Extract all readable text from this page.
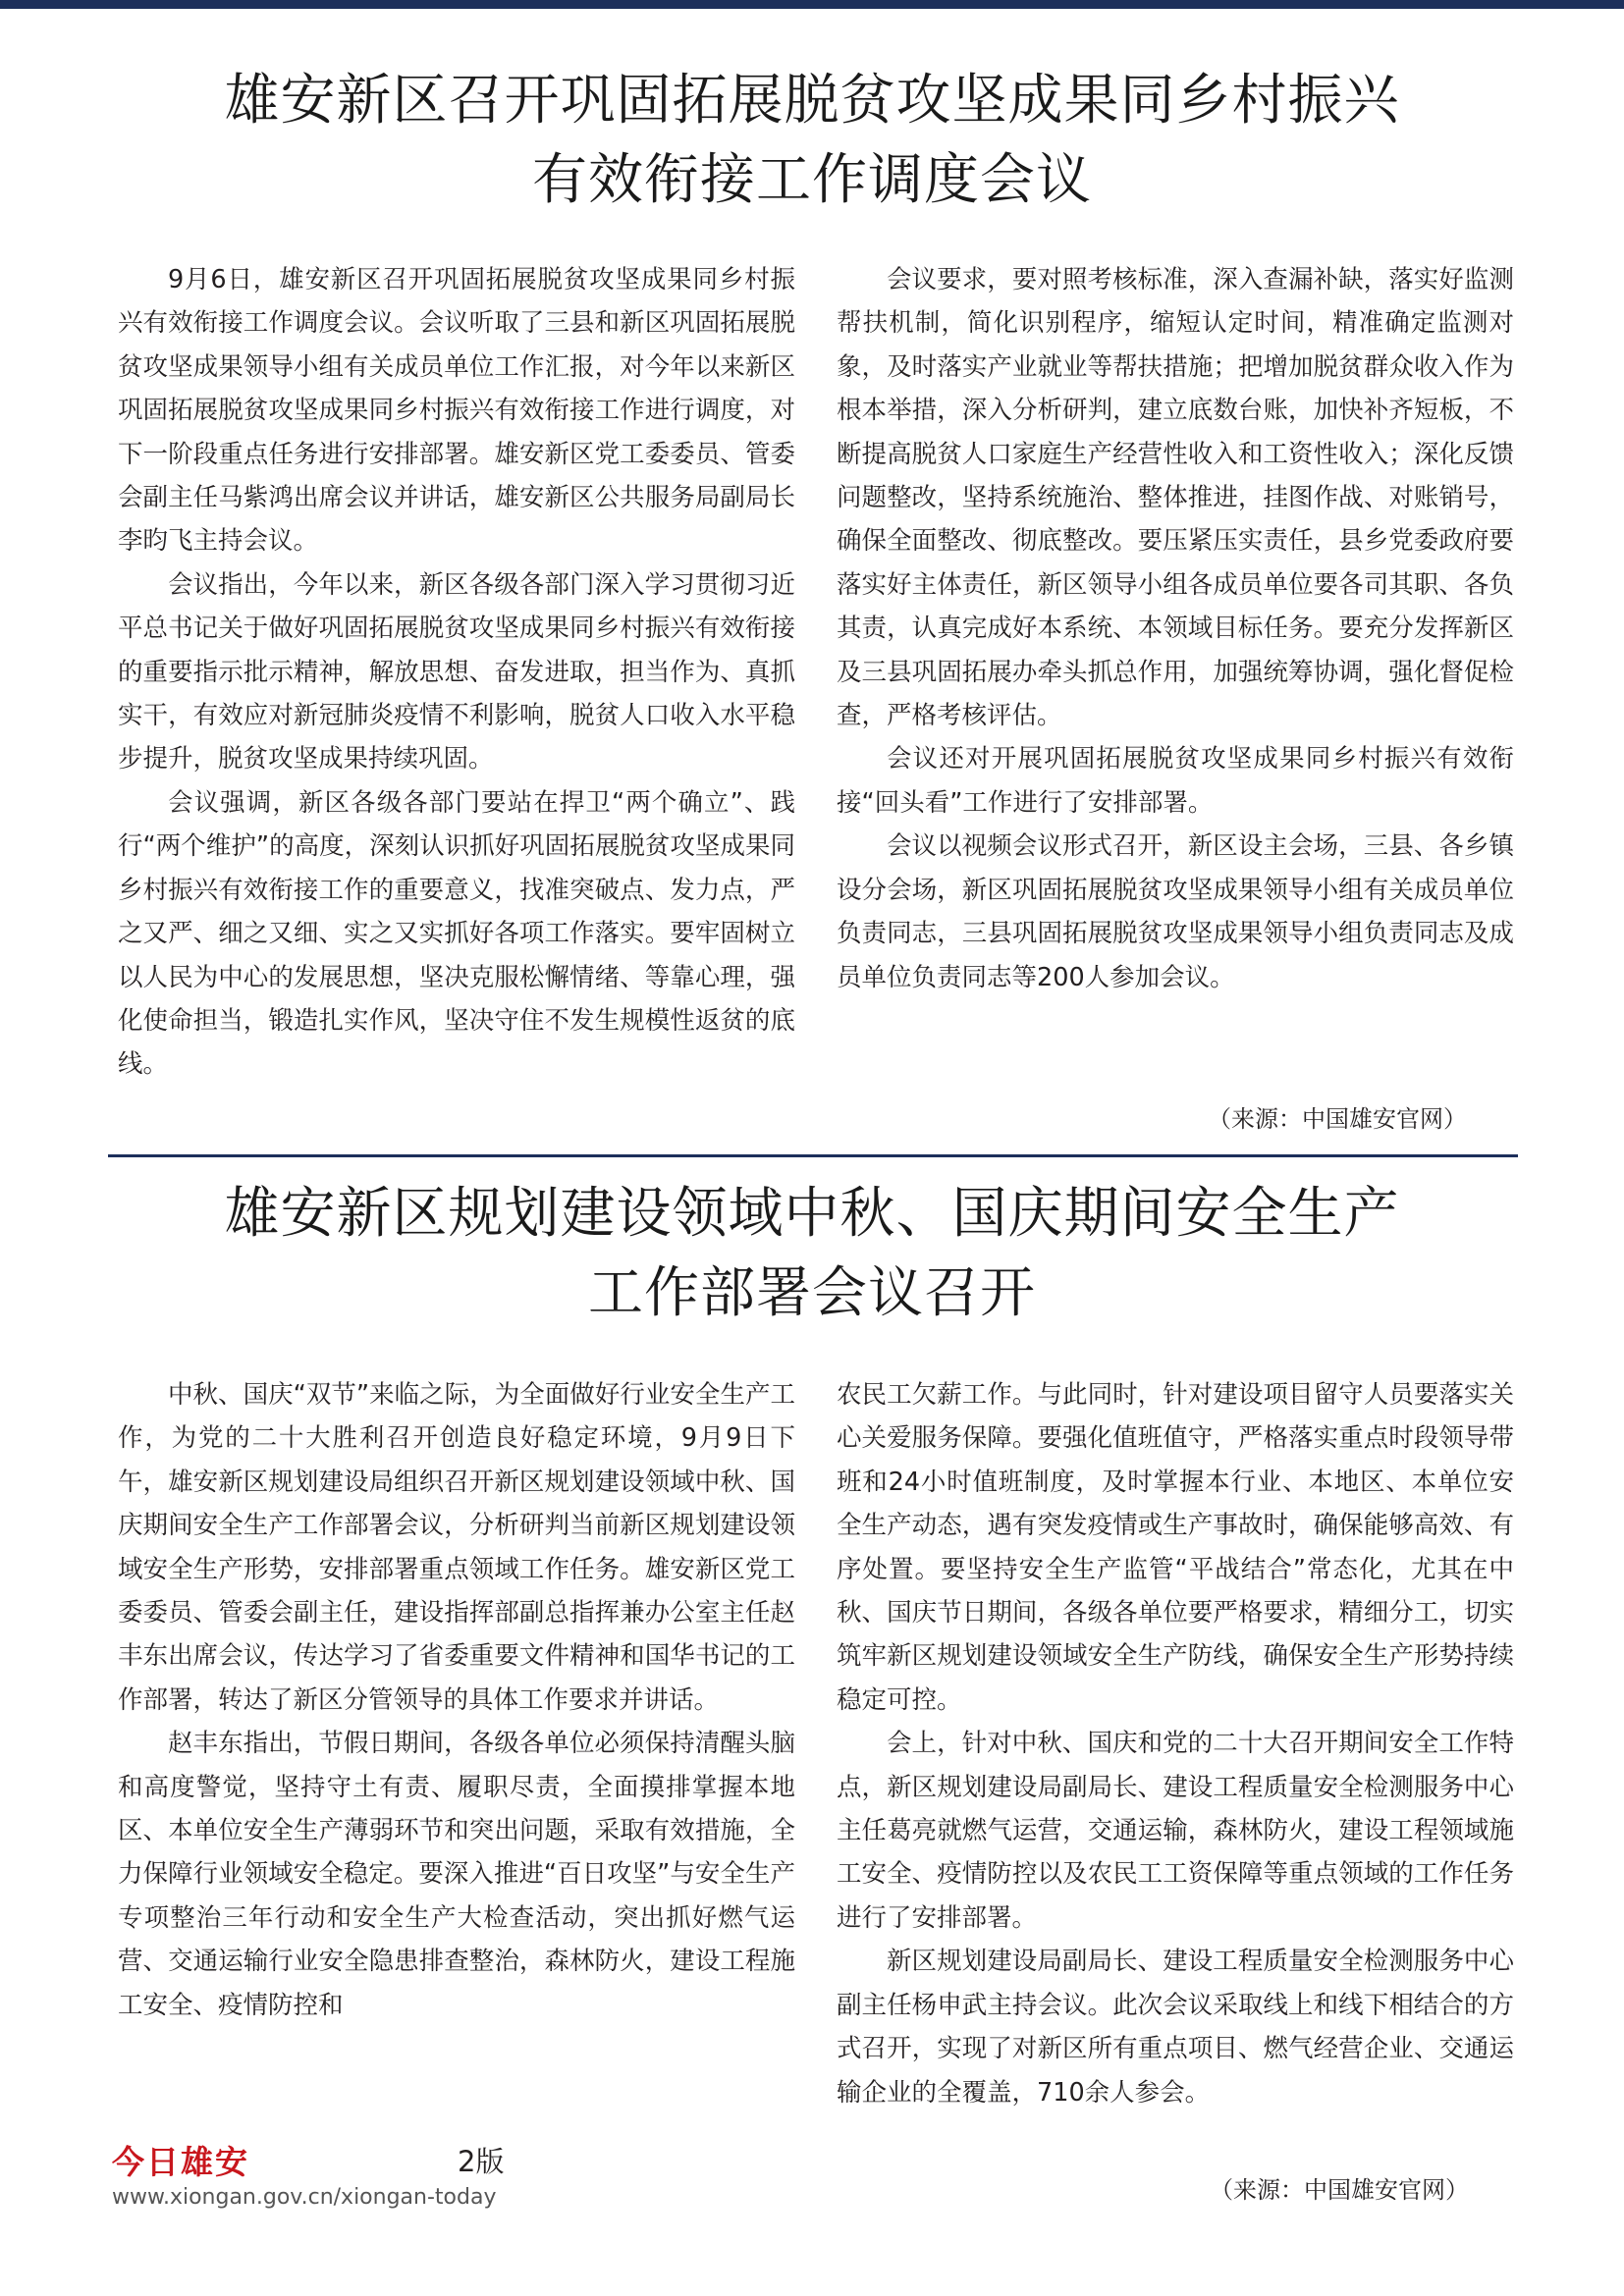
雄安新区召开巩固拓展脱贫攻坚成果同乡村振兴
有效衔接工作调度会议

9月6日，雄安新区召开巩固拓展脱贫攻坚成果同乡村振兴有效衔接工作调度会议。会议听取了三县和新区巩固拓展脱贫攻坚成果领导小组有关成员单位工作汇报，对今年以来新区巩固拓展脱贫攻坚成果同乡村振兴有效衔接工作进行调度，对下一阶段重点任务进行安排部署。雄安新区党工委委员、管委会副主任马紫鸿出席会议并讲话，雄安新区公共服务局副局长李昀飞主持会议。

会议指出，今年以来，新区各级各部门深入学习贯彻习近平总书记关于做好巩固拓展脱贫攻坚成果同乡村振兴有效衔接的重要指示批示精神，解放思想、奋发进取，担当作为、真抓实干，有效应对新冠肺炎疫情不利影响，脱贫人口收入水平稳步提升，脱贫攻坚成果持续巩固。

会议强调，新区各级各部门要站在捍卫“两个确立”、践行“两个维护”的高度，深刻认识抓好巩固拓展脱贫攻坚成果同乡村振兴有效衔接工作的重要意义，找准突破点、发力点，严之又严、细之又细、实之又实抓好各项工作落实。要牢固树立以人民为中心的发展思想，坚决克服松懈情绪、等靠心理，强化使命担当，锻造扎实作风，坚决守住不发生规模性返贫的底线。

会议要求，要对照考核标准，深入查漏补缺，落实好监测帮扶机制，简化识别程序，缩短认定时间，精准确定监测对象，及时落实产业就业等帮扶措施；把增加脱贫群众收入作为根本举措，深入分析研判，建立底数台账，加快补齐短板，不断提高脱贫人口家庭生产经营性收入和工资性收入；深化反馈问题整改，坚持系统施治、整体推进，挂图作战、对账销号，确保全面整改、彻底整改。要压紧压实责任，县乡党委政府要落实好主体责任，新区领导小组各成员单位要各司其职、各负其责，认真完成好本系统、本领域目标任务。要充分发挥新区及三县巩固拓展办牵头抓总作用，加强统筹协调，强化督促检查，严格考核评估。

会议还对开展巩固拓展脱贫攻坚成果同乡村振兴有效衔接“回头看”工作进行了安排部署。

会议以视频会议形式召开，新区设主会场，三县、各乡镇设分会场，新区巩固拓展脱贫攻坚成果领导小组有关成员单位负责同志，三县巩固拓展脱贫攻坚成果领导小组负责同志及成员单位负责同志等200人参加会议。

（来源：中国雄安官网）
雄安新区规划建设领域中秋、国庆期间安全生产
工作部署会议召开

中秋、国庆“双节”来临之际，为全面做好行业安全生产工作，为党的二十大胜利召开创造良好稳定环境，9月9日下午，雄安新区规划建设局组织召开新区规划建设领域中秋、国庆期间安全生产工作部署会议，分析研判当前新区规划建设领域安全生产形势，安排部署重点领域工作任务。雄安新区党工委委员、管委会副主任，建设指挥部副总指挥兼办公室主任赵丰东出席会议，传达学习了省委重要文件精神和国华书记的工作部署，转达了新区分管领导的具体工作要求并讲话。

赵丰东指出，节假日期间，各级各单位必须保持清醒头脑和高度警觉，坚持守土有责、履职尽责，全面摸排掌握本地区、本单位安全生产薄弱环节和突出问题，采取有效措施，全力保障行业领域安全稳定。要深入推进“百日攻坚”与安全生产专项整治三年行动和安全生产大检查活动，突出抓好燃气运营、交通运输行业安全隐患排查整治，森林防火，建设工程施工安全、疫情防控和

农民工欠薪工作。与此同时，针对建设项目留守人员要落实关心关爱服务保障。要强化值班值守，严格落实重点时段领导带班和24小时值班制度，及时掌握本行业、本地区、本单位安全生产动态，遇有突发疫情或生产事故时，确保能够高效、有序处置。要坚持安全生产监管“平战结合”常态化，尤其在中秋、国庆节日期间，各级各单位要严格要求，精细分工，切实筑牢新区规划建设领域安全生产防线，确保安全生产形势持续稳定可控。

会上，针对中秋、国庆和党的二十大召开期间安全工作特点，新区规划建设局副局长、建设工程质量安全检测服务中心主任葛亮就燃气运营，交通运输，森林防火，建设工程领域施工安全、疫情防控以及农民工工资保障等重点领域的工作任务进行了安排部署。

新区规划建设局副局长、建设工程质量安全检测服务中心副主任杨申武主持会议。此次会议采取线上和线下相结合的方式召开，实现了对新区所有重点项目、燃气经营企业、交通运输企业的全覆盖，710余人参会。

（来源：中国雄安官网）
今日雄安	2版
www.xiongan.gov.cn/xiongan-today
